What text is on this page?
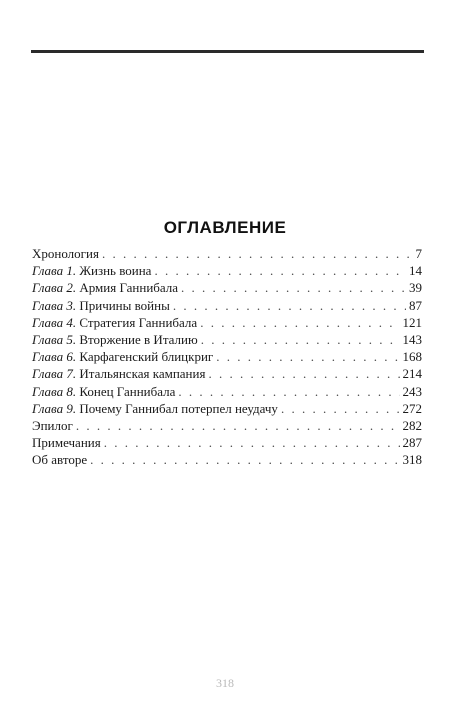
ОГЛАВЛЕНИЕ
Хронология . . .	7
Глава 1. Жизнь воина . . .	14
Глава 2. Армия Ганнибала . . .	39
Глава 3. Причины войны . . .	87
Глава 4. Стратегия Ганнибала . . .	121
Глава 5. Вторжение в Италию . . .	143
Глава 6. Карфагенский блицкриг . . .	168
Глава 7. Итальянская кампания . . .	214
Глава 8. Конец Ганнибала . . .	243
Глава 9. Почему Ганнибал потерпел неудачу . . .	272
Эпилог . . .	282
Примечания . . .	287
Об авторе . . .	318
318
